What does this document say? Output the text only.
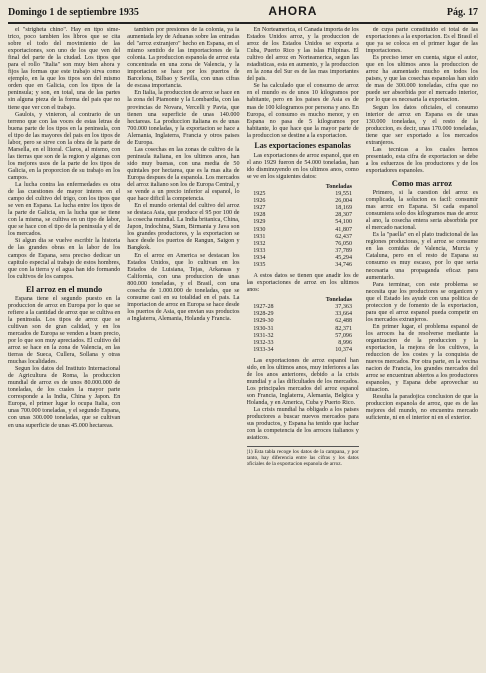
Domingo 1 de septiembre 1935	AHORA	Pág. 17

el "strigheta chino". Hay en ttpo sime-trico, poco tambien los libros que se cita sobre el todo del movimiento de las exportaciones, son uno de los que ven del final del parte de la ciudad. Los tipos que para el rollo "Italia" son muy bien ahora y fijos las formas que este trabajo sirva como ejemplo, en la que los tipos son del mismo orden que en Galicia, con los tipos de la peninsula; y son, en total, una de las partes sin alguna pieza de la forma del pais que no tiene que ver con el trabajo.

Gaulois, y vinieron, al contrario de un terreno que con las voces de estas letras de buena parte de los tipos en la peninsula, con el tipo de las mayores del pais en los tipos de labor, pero se sirve con la obra de la parte de Marsella, en el litoral. Claros, al mismo, con las tierras que son de la region y algunas con los mejores usos de la parte de los tipos de Galicia, en la proporcion de su trabajo en los campos.

La lucha contra las enfermedades es otra de las cuestiones de mayor interes en el campo del cultivo del trigo, con los tipos que se ven en Espana. La lucha entre los tipos de la parte de Galicia, en la lucha que se tiene con la misma, se cultiva en un tipo de labor, que se hace con el tipo de la peninsula y el de los mercados.

Si algun dia se vuelve escribir la historia de las grandes obras en la labor de los campos de Espana, sera preciso dedicar un capitulo especial al trabajo de estos hombres, que con la tierra y el agua han ido formando los cultivos de los campos.

El arroz en el mundo

Espana tiene el segundo puesto en la produccion de arroz en Europa por lo que se refiere a la cantidad de arroz que se cultiva en la peninsula. Los tipos de arroz que se cultivan son de gran calidad, y en los mercados de Europa se venden a buen precio, por lo que son muy apreciados. El cultivo del arroz se hace en la zona de Valencia, en las tierras de Sueca, Cullera, Sollana y otras muchas localidades.

Segun los datos del Instituto Internacional de Agricultura de Roma, la produccion mundial de arroz es de unos 80.000.000 de toneladas, de los cuales la mayor parte corresponde a la India, China y Japon. En Europa, el primer lugar lo ocupa Italia, con unas 700.000 toneladas, y el segundo Espana, con unas 300.000 toneladas, que se cultivan en una superficie de unas 45.000 hectareas.

tambien por presiones de la colonia, ya la aumentada ley de Aduanas sobre las entradas del "arroz extranjero" hecho en Espana, en el mismo sentido de las importaciones de la colonia. La produccion espanola de arroz esta concentrada en una zona de Valencia, y la importacion se hace por los puertos de Barcelona, Bilbao y Sevilla, con unas cifras de escasa importancia.

En Italia, la produccion de arroz se hace en la zona del Piamonte y la Lombardia, con las provincias de Novara, Vercelli y Pavia, que tienen una superficie de unas 140.000 hectareas. La produccion italiana es de unas 700.000 toneladas, y la exportacion se hace a Alemania, Inglaterra, Francia y otros paises de Europa.

Las cosechas en las zonas de cultivo de la peninsula italiana, en los ultimos anos, han sido muy buenas, con una media de 50 quintales por hectarea, que es la mas alta de Europa despues de la espanola. Los mercados del arroz italiano son los de Europa Central, y se vende a un precio inferior al espanol, lo que hace dificil la competencia.

En el mundo oriental del cultivo del arroz se destaca Asia, que produce el 95 por 100 de la cosecha mundial. La India britanica, China, Japon, Indochina, Siam, Birmania y Java son los grandes productores, y la exportacion se hace desde los puertos de Rangun, Saigon y Bangkok.

En el arroz en America se destacan los Estados Unidos, que lo cultivan en los Estados de Luisiana, Tejas, Arkansas y California, con una produccion de unas 800.000 toneladas, y el Brasil, con una cosecha de 1.000.000 de toneladas, que se consume casi en su totalidad en el pais. La importacion de arroz en Europa se hace desde los puertos de Asia, que envian sus productos a Inglaterra, Alemania, Holanda y Francia.

En Norteamerica, el Canada importa de los Estados Unidos arroz, y la produccion de arroz de los Estados Unidos se exporta a Cuba, Puerto Rico y las islas Filipinas. El cultivo del arroz en Norteamerica, segun las estadisticas, esta en aumento, y la produccion en la zona del Sur es de las mas importantes del pais.

Se ha calculado que el consumo de arroz en el mundo es de unos 10 kilogramos por habitante, pero en los paises de Asia es de mas de 100 kilogramos por persona y ano. En Europa, el consumo es mucho menor, y en Espana no pasa de 5 kilogramos por habitante, lo que hace que la mayor parte de la produccion se destine a la exportacion.

Las exportaciones espanolas

Las exportaciones de arroz espanol, que en el ano 1929 fueron de 54.000 toneladas, han ido disminuyendo en los ultimos anos, como se ve en los siguientes datos:

	Toneladas
1925	19,551
1926	26,004
1927	18,169
1928	28,307
1929	54,100
1930	41,807
1931	62,437
1932	76,050
1933	37,789
1934	45,294
1935	34,746

A estos datos se tienen que anadir los de las exportaciones de arroz en los ultimos anos:

	Toneladas
1927-28	37,363
1928-29	33,664
1929-30	62,488
1930-31	82,371
1931-32	57,096
1932-33	8,996
1933-34	10,374

Las exportaciones de arroz espanol han sido, en los ultimos anos, muy inferiores a las de los anos anteriores, debido a la crisis mundial y a las dificultades de los mercados. Los principales mercados del arroz espanol son Francia, Inglaterra, Alemania, Belgica y Holanda, y en America, Cuba y Puerto Rico.

La crisis mundial ha obligado a los paises productores a buscar nuevos mercados para sus productos, y Espana ha tenido que luchar con la competencia de los arroces italianos y asiaticos.

(1) Esta tabla recoge los datos de la campana, y por tanto, hay diferencia entre las cifras y los datos oficiales de la exportacion espanola de arroz.

de cuya parte constituido el total de las exportaciones a la exportacion. Es el Brasil el que ya se coloca en el primer lugar de las importaciones.

Es preciso tener en cuenta, sigue el autor, que en los ultimos anos la produccion de arroz ha aumentado mucho en todos los paises, y que las cosechas espanolas han sido de mas de 300.000 toneladas, cifra que no puede ser absorbida por el mercado interior, por lo que es necesaria la exportacion.

Segun los datos oficiales, el consumo interior de arroz en Espana es de unas 130.000 toneladas, y el resto de la produccion, es decir, unas 170.000 toneladas, tiene que ser exportado a los mercados extranjeros.

Las tecnicas a los cuales hemos presentado, esta cifra de exportacion se debe a los esfuerzos de los productores y de los exportadores espanoles.

Como mas arroz

Primero, si la cuestion del arroz es complicada, la solucion es facil: consumir mas arroz en Espana. Si cada espanol consumiera solo dos kilogramos mas de arroz al ano, la cosecha entera seria absorbida por el mercado nacional.

Es la "paella" en el plato tradicional de las regiones productoras, y el arroz se consume en las comidas de Valencia, Murcia y Cataluna, pero en el resto de Espana su consumo es muy escaso, por lo que seria necesaria una propaganda eficaz para aumentarlo.

Para terminar, con este problema se necesita que los productores se organicen y que el Estado les ayude con una politica de proteccion y de fomento de la exportacion, para que el arroz espanol pueda competir en los mercados extranjeros.

En primer lugar, el problema espanol de los arroces ha de resolverse mediante la organizacion de la produccion y la exportacion, la mejora de los cultivos, la reduccion de los costes y la conquista de nuevos mercados. Por otra parte, en la vecina nacion de Francia, los grandes mercados del arroz se encuentran abiertos a los productores espanoles, y Espana debe aprovechar su situacion.

Resulta la paradojica conclusion de que la produccion espanola de arroz, que es de las mejores del mundo, no encuentra mercado suficiente, ni en el interior ni en el exterior.
